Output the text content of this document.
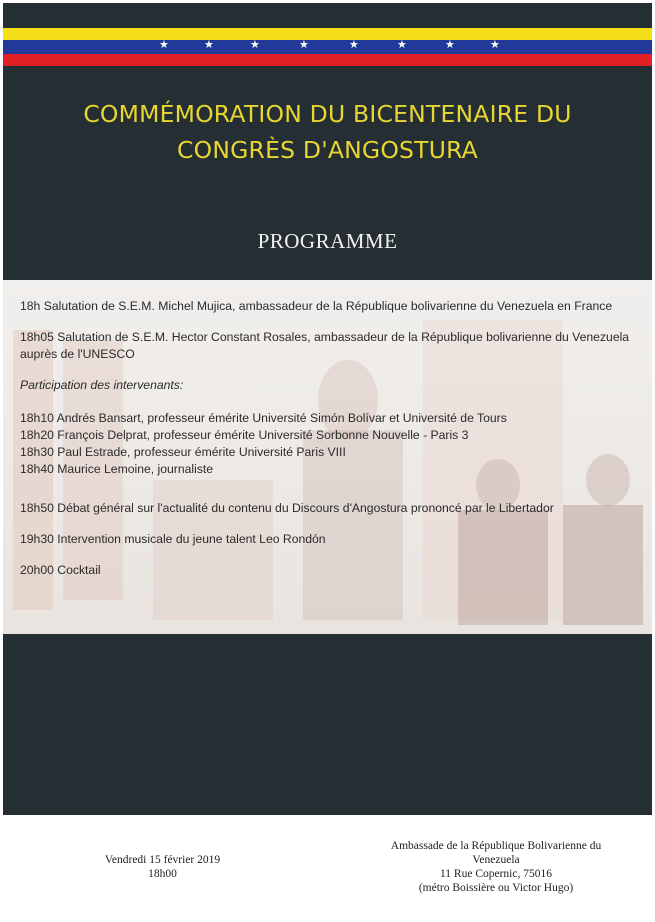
★	★	★	★	★	★	★	★
COMMÉMORATION DU BICENTENAIRE DU
CONGRÈS D'ANGOSTURA
PROGRAMME

18h Salutation de S.E.M. Michel Mujica, ambassadeur de la République bolivarienne du Venezuela en France

18h05 Salutation de S.E.M. Hector Constant Rosales, ambassadeur de la République bolivarienne du Venezuela auprès de l'UNESCO

Participation des intervenants:

18h10 Andrés Bansart, professeur émérite Université Simón Bolívar et Université de Tours

18h20 François Delprat, professeur émérite Université Sorbonne Nouvelle - Paris 3

18h30 Paul Estrade, professeur émérite Université Paris VIII

18h40 Maurice Lemoine, journaliste

18h50 Débat général sur l'actualité du contenu du Discours d'Angostura prononcé par le Libertador

19h30 Intervention musicale du jeune talent Leo Rondón

20h00 Cocktail

Vendredi 15 février 2019
18h00
Ambassade de la République Bolivarienne du
Venezuela
11 Rue Copernic, 75016
(métro Boissière ou Victor Hugo)
